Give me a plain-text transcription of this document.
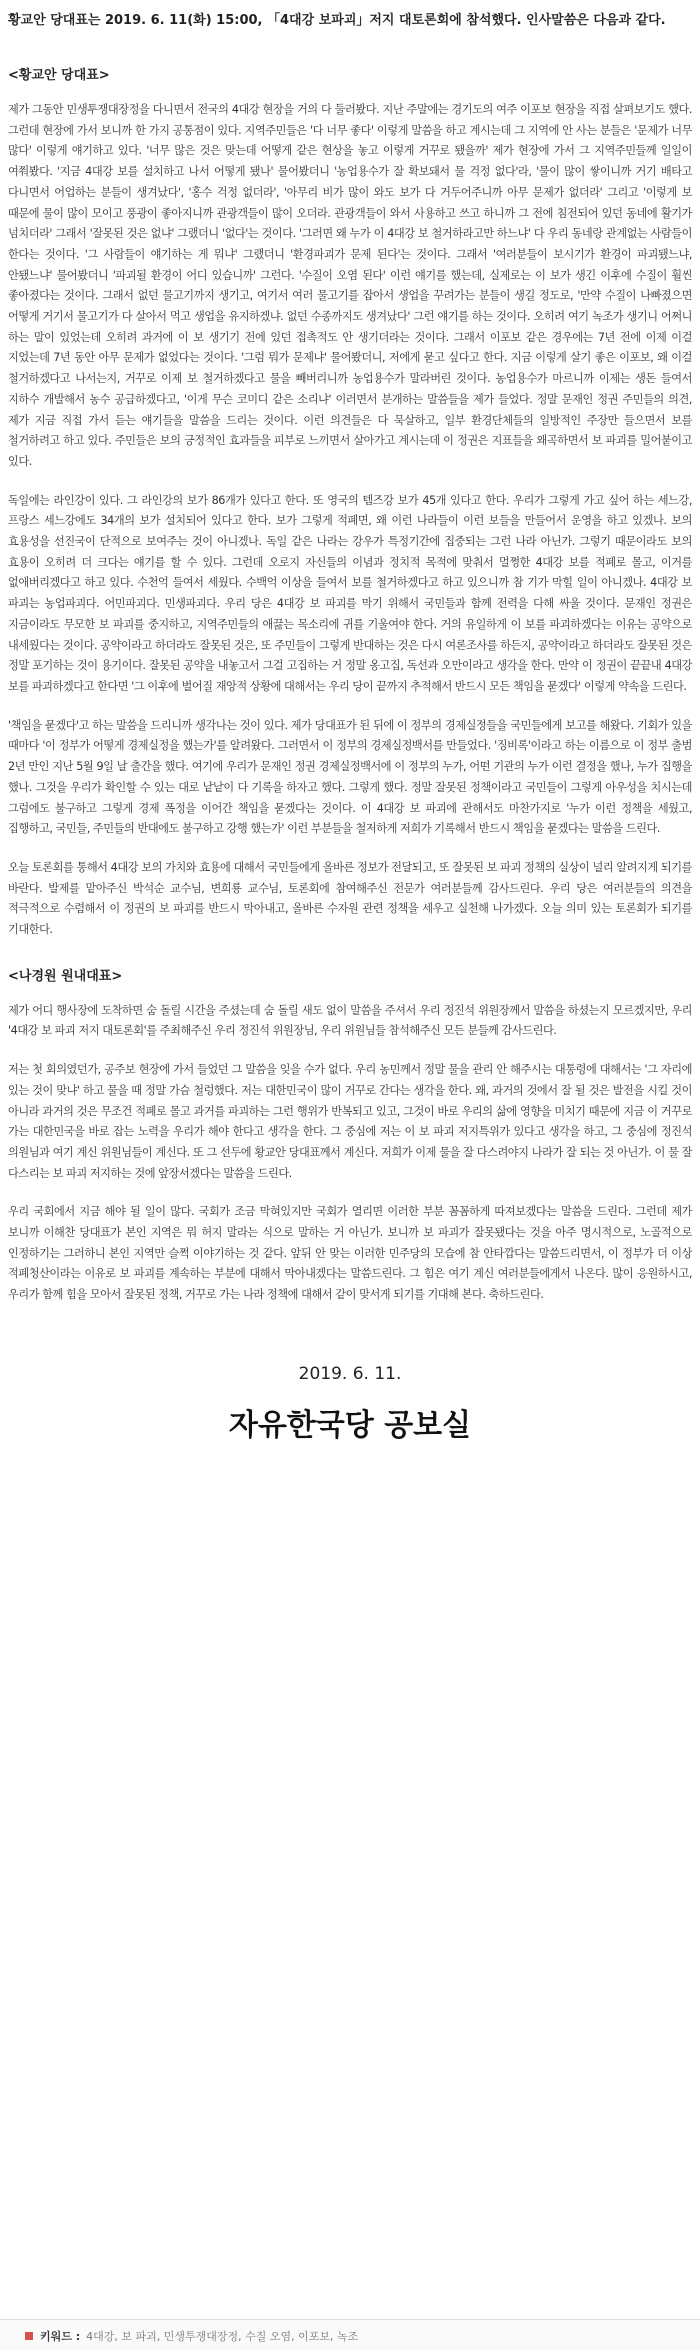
황교안 당대표는 2019. 6. 11(화) 15:00, 「4대강 보파괴」저지 대토론회에 참석했다. 인사말씀은 다음과 같다.

<황교안 당대표>

제가 그동안 민생투쟁대장정을 다니면서 전국의 4대강 현장을 거의 다 둘러봤다. 지난 주말에는 경기도의 여주 이포보 현장을 직접 살펴보기도 했다. 그런데 현장에 가서 보니까 한 가지 공통점이 있다. 지역주민들은 '다 너무 좋다' 이렇게 말씀을 하고 계시는데 그 지역에 안 사는 분들은 '문제가 너무 많다' 이렇게 얘기하고 있다. '너무 많은 것은 맞는데 어떻게 같은 현상을 놓고 이렇게 거꾸로 됐을까' 제가 현장에 가서 그 지역주민들께 일일이 여쭤봤다. '지금 4대강 보를 설치하고 나서 어떻게 됐나' 물어봤더니 '농업용수가 잘 확보돼서 물 걱정 없다'라, '물이 많이 쌓이니까 거기 배타고 다니면서 어업하는 분들이 생겨났다', '홍수 걱정 없더라', '아무리 비가 많이 와도 보가 다 거두어주니까 아무 문제가 없더라' 그리고 '이렇게 보 때문에 물이 많이 모이고 풍광이 좋아지니까 관광객들이 많이 오더라. 관광객들이 와서 사용하고 쓰고 하니까 그 전에 침전되어 있던 동네에 활기가 넘치더라' 그래서 '잘못된 것은 없냐' 그랬더니 '없다'는 것이다. '그러면 왜 누가 이 4대강 보 철거하라고만 하느냐' 다 우리 동네랑 관계없는 사람들이 한다는 것이다. '그 사람들이 얘기하는 게 뭐냐' 그랬더니 '환경파괴가 문제 된다'는 것이다. 그래서 '여러분들이 보시기가 환경이 파괴됐느냐, 안됐느냐' 물어봤더니 '파괴될 환경이 어디 있습니까' 그런다. '수질이 오염 된다' 이런 얘기를 했는데, 실제로는 이 보가 생긴 이후에 수질이 훨씬 좋아졌다는 것이다. 그래서 없던 물고기까지 생기고, 여기서 여러 물고기를 잡아서 생업을 꾸려가는 분들이 생길 정도로, '만약 수질이 나빠졌으면 어떻게 거기서 물고기가 다 살아서 먹고 생업을 유지하겠냐. 없던 수종까지도 생겨났다' 그런 얘기를 하는 것이다. 오히려 여기 녹조가 생기니 어쩌니 하는 말이 있었는데 오히려 과거에 이 보 생기기 전에 있던 접촉적도 안 생기더라는 것이다. 그래서 이포보 같은 경우에는 7년 전에 이제 이걸 지었는데 7년 동안 아무 문제가 없었다는 것이다. '그럼 뭐가 문제냐' 물어봤더니, 저에게 묻고 싶다고 한다. 지금 이렇게 살기 좋은 이포보, 왜 이걸 철거하겠다고 나서는지, 거꾸로 이제 보 철거하겠다고 물을 빼버리니까 농업용수가 말라버린 것이다. 농업용수가 마르니까 이제는 생돈 들여서 지하수 개발해서 농수 공급하겠다고, '이게 무슨 코미디 같은 소리냐' 이러면서 분개하는 말씀들을 제가 들었다. 정말 문재인 정권 주민들의 의견, 제가 지금 직접 가서 듣는 얘기들을 말씀을 드리는 것이다. 이런 의견들은 다 묵살하고, 일부 환경단체들의 일방적인 주장만 들으면서 보를 철거하려고 하고 있다. 주민들은 보의 긍정적인 효과들을 피부로 느끼면서 살아가고 계시는데 이 정권은 지표들을 왜곡하면서 보 파괴를 밀어붙이고 있다.

독일에는 라인강이 있다. 그 라인강의 보가 86개가 있다고 한다. 또 영국의 템즈강 보가 45개 있다고 한다. 우리가 그렇게 가고 싶어 하는 세느강, 프랑스 세느강에도 34개의 보가 설치되어 있다고 한다. 보가 그렇게 적폐면, 왜 이런 나라들이 이런 보들을 만들어서 운영을 하고 있겠나. 보의 효용성을 선진국이 단적으로 보여주는 것이 아니겠나. 독일 같은 나라는 강우가 특정기간에 집중되는 그런 나라 아닌가. 그렇기 때문이라도 보의 효용이 오히려 더 크다는 얘기를 할 수 있다. 그런데 오로지 자신들의 이념과 정치적 목적에 맞춰서 멀쩡한 4대강 보를 적폐로 몰고, 이거를 없애버리겠다고 하고 있다. 수천억 들여서 세웠다. 수백억 이상을 들여서 보를 철거하겠다고 하고 있으니까 참 기가 막힐 일이 아니겠나. 4대강 보 파괴는 농업파괴다. 어민파괴다. 민생파괴다. 우리 당은 4대강 보 파괴를 막기 위해서 국민들과 함께 전력을 다해 싸울 것이다. 문재인 정권은 지금이라도 무모한 보 파괴를 중지하고, 지역주민들의 애끓는 목소리에 귀를 기울여야 한다. 거의 유일하게 이 보를 파괴하겠다는 이유는 공약으로 내세웠다는 것이다. 공약이라고 하더라도 잘못된 것은, 또 주민들이 그렇게 반대하는 것은 다시 여론조사를 하든지, 공약이라고 하더라도 잘못된 것은 정말 포기하는 것이 용기이다. 잘못된 공약을 내놓고서 그걸 고집하는 거 정말 옹고집, 독선과 오만이라고 생각을 한다. 만약 이 정권이 끝끝내 4대강 보를 파괴하겠다고 한다면 '그 이후에 벌어질 재앙적 상황에 대해서는 우리 당이 끝까지 추적해서 반드시 모든 책임을 묻겠다' 이렇게 약속을 드린다.

'책임을 묻겠다'고 하는 말씀을 드리니까 생각나는 것이 있다. 제가 당대표가 된 뒤에 이 정부의 경제실정들을 국민들에게 보고를 해왔다. 기회가 있을 때마다 '이 정부가 어떻게 경제실정을 했는가'를 알려왔다. 그러면서 이 정부의 경제실정백서를 만들었다. '징비록'이라고 하는 이름으로 이 정부 출범 2년 만인 지난 5월 9일 날 출간을 했다. 여기에 우리가 문재인 정권 경제실정백서에 이 정부의 누가, 어떤 기관의 누가 이런 결정을 했나, 누가 집행을 했나. 그것을 우리가 확인할 수 있는 대로 낱낱이 다 기록을 하자고 했다. 그렇게 했다. 정말 잘못된 정책이라고 국민들이 그렇게 아우성을 치시는데 그럼에도 불구하고 그렇게 경제 폭정을 이어간 책임을 묻겠다는 것이다. 이 4대강 보 파괴에 관해서도 마찬가지로 '누가 이런 정책을 세웠고, 집행하고, 국민들, 주민들의 반대에도 불구하고 강행 했는가' 이런 부분들을 철저하게 저희가 기록해서 반드시 책임을 묻겠다는 말씀을 드린다.

오늘 토론회를 통해서 4대강 보의 가치와 효용에 대해서 국민들에게 올바른 정보가 전달되고, 또 잘못된 보 파괴 정책의 실상이 널리 알려지게 되기를 바란다. 발제를 맡아주신 박석순 교수님, 변희룡 교수님, 토론회에 참여해주신 전문가 여러분들께 감사드린다. 우리 당은 여러분들의 의견을 적극적으로 수렴해서 이 정권의 보 파괴를 반드시 막아내고, 올바른 수자원 관련 정책을 세우고 실천해 나가겠다. 오늘 의미 있는 토론회가 되기를 기대한다.

<나경원 원내대표>

제가 어디 행사장에 도착하면 숨 돌릴 시간을 주셨는데 숨 돌릴 새도 없이 말씀을 주셔서 우리 정진석 위원장께서 말씀을 하셨는지 모르겠지만, 우리 '4대강 보 파괴 저지 대토론회'를 주최해주신 우리 정진석 위원장님, 우리 위원님들 참석해주신 모든 분들께 감사드린다.

저는 첫 회의였던가, 공주보 현장에 가서 들었던 그 말씀을 잊을 수가 없다. 우리 농민께서 정말 물을 관리 안 해주시는 대통령에 대해서는 '그 자리에 있는 것이 맞냐' 하고 물을 때 정말 가슴 철렁했다. 저는 대한민국이 많이 거꾸로 간다는 생각을 한다. 왜, 과거의 것에서 잘 될 것은 발전을 시킬 것이 아니라 과거의 것은 무조건 적폐로 몰고 과거를 파괴하는 그런 행위가 반복되고 있고, 그것이 바로 우리의 삶에 영향을 미치기 때문에 지금 이 거꾸로 가는 대한민국을 바로 잡는 노력을 우리가 해야 한다고 생각을 한다. 그 중심에 저는 이 보 파괴 저지특위가 있다고 생각을 하고, 그 중심에 정진석 의원님과 여기 계신 위원님들이 계신다. 또 그 선두에 황교안 당대표께서 계신다. 저희가 이제 물을 잘 다스려야지 나라가 잘 되는 것 아닌가. 이 물 잘 다스리는 보 파괴 저지하는 것에 앞장서겠다는 말씀을 드린다.

우리 국회에서 지금 해야 될 일이 많다. 국회가 조금 막혀있지만 국회가 열리면 이러한 부분 꼼꼼하게 따져보겠다는 말씀을 드린다. 그런데 제가 보니까 이해찬 당대표가 본인 지역은 뭐 허지 말라는 식으로 말하는 거 아닌가. 보니까 보 파괴가 잘못됐다는 것을 아주 명시적으로, 노골적으로 인정하기는 그러하니 본인 지역만 슬쩍 이야기하는 것 같다. 앞뒤 안 맞는 이러한 민주당의 모습에 참 안타깝다는 말씀드리면서, 이 정부가 더 이상 적폐청산이라는 이유로 보 파괴를 계속하는 부분에 대해서 막아내겠다는 말씀드린다. 그 힘은 여기 계신 여러분들에게서 나온다. 많이 응원하시고, 우리가 함께 힘을 모아서 잘못된 정책, 거꾸로 가는 나라 정책에 대해서 같이 맞서게 되기를 기대해 본다. 축하드린다.

2019. 6. 11.
자유한국당 공보실
키워드 : 4대강, 보 파괴, 민생투쟁대장정, 수질 오염, 이포보, 녹조
